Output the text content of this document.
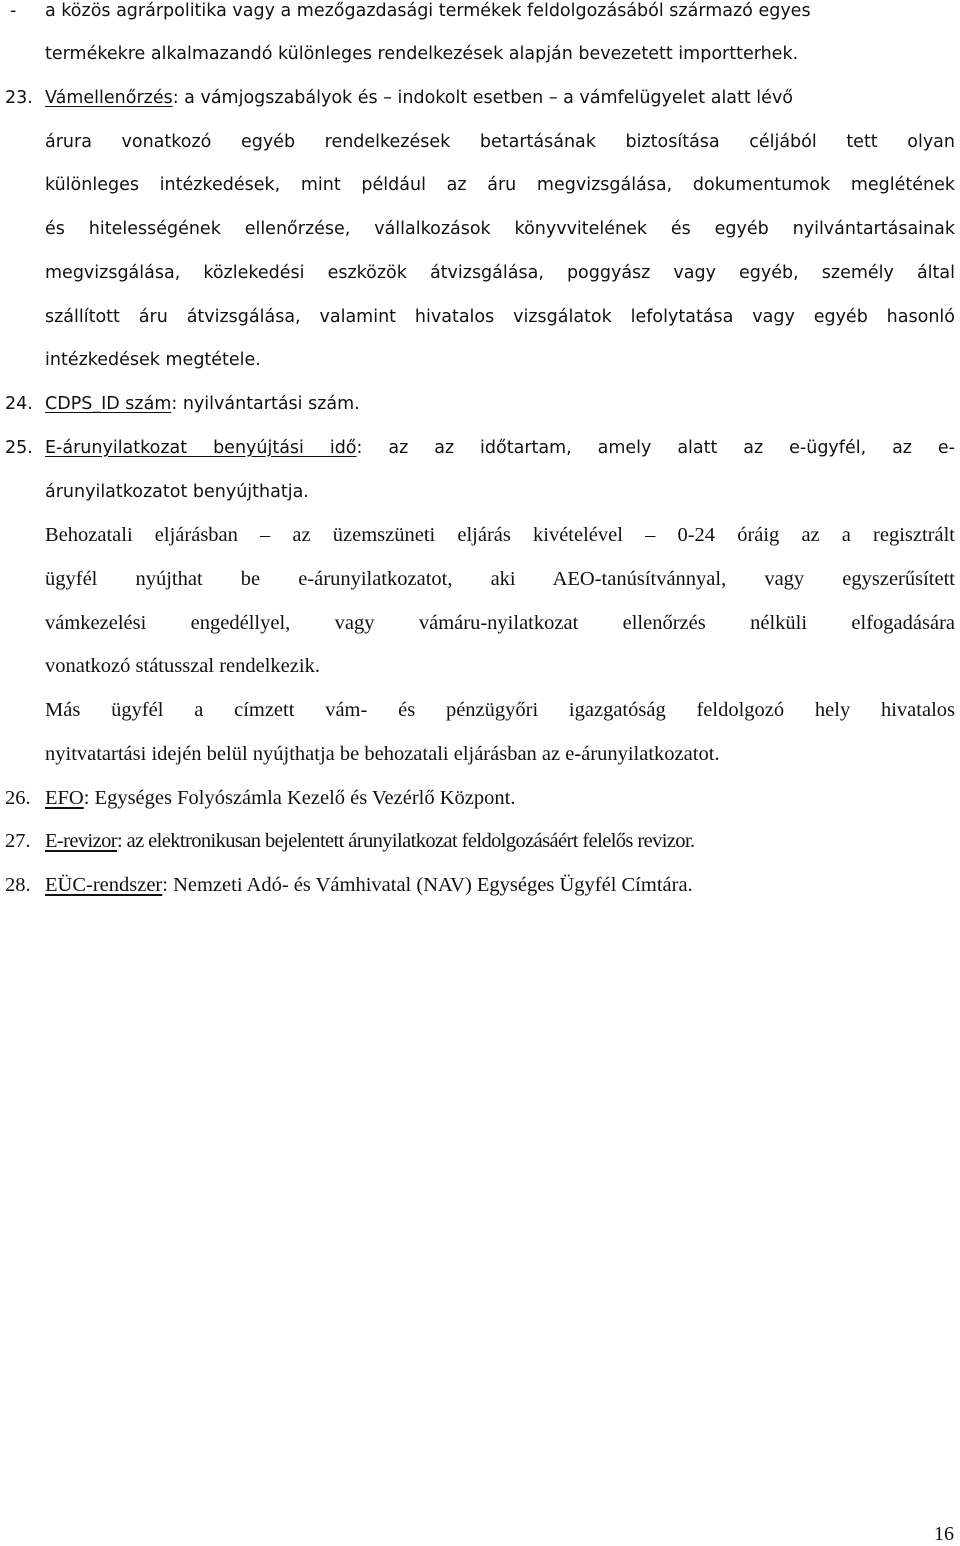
- a közös agrárpolitika vagy a mezőgazdasági termékek feldolgozásából származó egyes
termékekre alkalmazandó különleges rendelkezések alapján bevezetett importterhek.
23. Vámellenőrzés: a vámjogszabályok és – indokolt esetben – a vámfelügyelet alatt lévő
árura vonatkozó egyéb rendelkezések betartásának biztosítása céljából tett olyan
különleges intézkedések, mint például az áru megvizsgálása, dokumentumok meglétének
és hitelességének ellenőrzése, vállalkozások könyvvitelének és egyéb nyilvántartásainak
megvizsgálása, közlekedési eszközök átvizsgálása, poggyász vagy egyéb, személy által
szállított áru átvizsgálása, valamint hivatalos vizsgálatok lefolytatása vagy egyéb hasonló
intézkedések megtétele.
24. CDPS_ID szám: nyilvántartási szám.
25. E-árunyilatkozat benyújtási idő: az az időtartam, amely alatt az e-ügyfél, az e-
árunyilatkozatot benyújthatja.
Behozatali eljárásban – az üzemszüneti eljárás kivételével – 0-24 óráig az a regisztrált
ügyfél nyújthat be e-árunyilatkozatot, aki AEO-tanúsítvánnyal, vagy egyszerűsített
vámkezelési engedéllyel, vagy vámáru-nyilatkozat ellenőrzés nélküli elfogadására
vonatkozó státusszal rendelkezik.
Más ügyfél a címzett vám- és pénzügyőri igazgatóság feldolgozó hely hivatalos
nyitvatartási idején belül nyújthatja be behozatali eljárásban az e-árunyilatkozatot.
26. EFO: Egységes Folyószámla Kezelő és Vezérlő Központ.
27. E-revizor: az elektronikusan bejelentett árunyilatkozat feldolgozásáért felelős revizor.
28. EÜC-rendszer: Nemzeti Adó- és Vámhivatal (NAV) Egységes Ügyfél Címtára.
16
